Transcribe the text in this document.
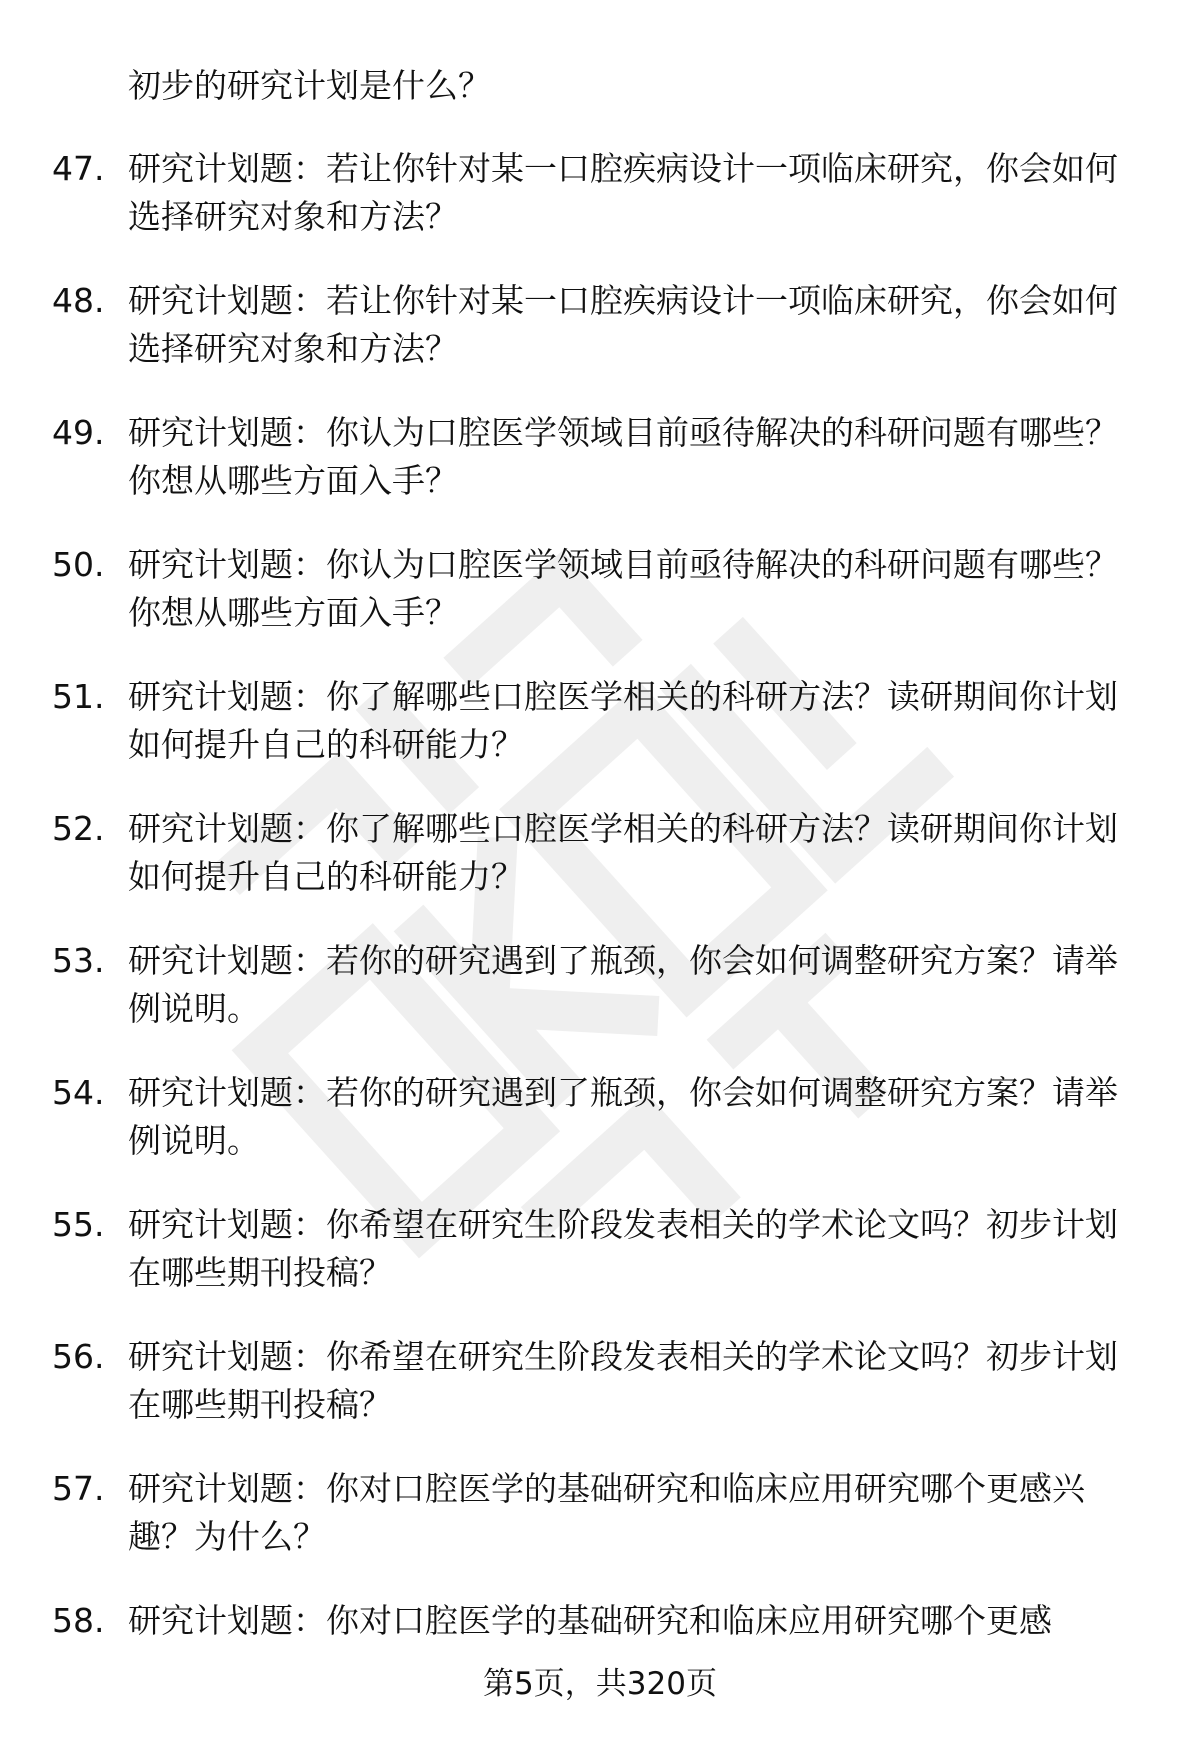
初步的研究计划是什么？
47. 研究计划题：若让你针对某一口腔疾病设计一项临床研究，你会如何选择研究对象和方法？
48. 研究计划题：若让你针对某一口腔疾病设计一项临床研究，你会如何选择研究对象和方法？
49. 研究计划题：你认为口腔医学领域目前亟待解决的科研问题有哪些？你想从哪些方面入手？
50. 研究计划题：你认为口腔医学领域目前亟待解决的科研问题有哪些？你想从哪些方面入手？
51. 研究计划题：你了解哪些口腔医学相关的科研方法？读研期间你计划如何提升自己的科研能力？
52. 研究计划题：你了解哪些口腔医学相关的科研方法？读研期间你计划如何提升自己的科研能力？
53. 研究计划题：若你的研究遇到了瓶颈，你会如何调整研究方案？请举例说明。
54. 研究计划题：若你的研究遇到了瓶颈，你会如何调整研究方案？请举例说明。
55. 研究计划题：你希望在研究生阶段发表相关的学术论文吗？初步计划在哪些期刊投稿？
56. 研究计划题：你希望在研究生阶段发表相关的学术论文吗？初步计划在哪些期刊投稿？
57. 研究计划题：你对口腔医学的基础研究和临床应用研究哪个更感兴趣？为什么？
58. 研究计划题：你对口腔医学的基础研究和临床应用研究哪个更感
第5页，共320页
